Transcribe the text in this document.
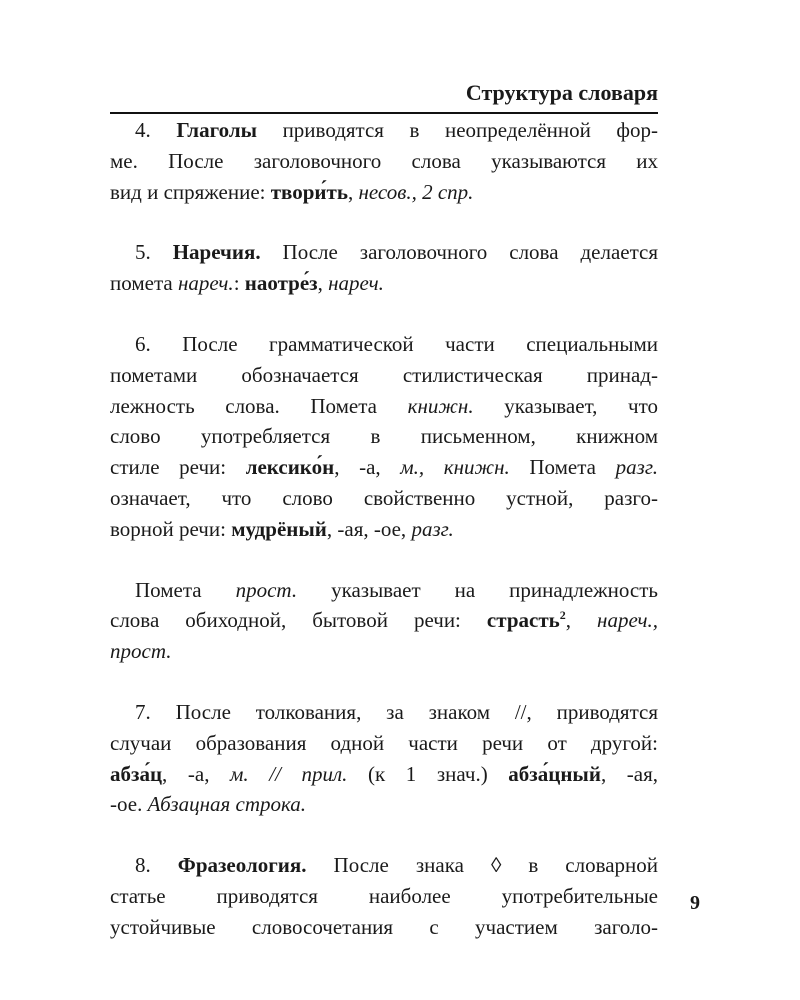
Структура словаря
4. Глаголы приводятся в неопределённой фор-
ме. После заголовочного слова указываются их
вид и спряжение: твори́ть, несов., 2 спр.
5. Наречия. После заголовочного слова делается
помета нареч.: наотре́з, нареч.
6. После грамматической части специальными
пометами обозначается стилистическая принад-
лежность слова. Помета книжн. указывает, что
слово употребляется в письменном, книжном
стиле речи: лексико́н, -а, м., книжн. Помета разг.
означает, что слово свойственно устной, разго-
ворной речи: мудрёный, -ая, -ое, разг.
Помета прост. указывает на принадлежность
слова обиходной, бытовой речи: страсть$^2$, нареч.,
прост.
7. После толкования, за знаком //, приводятся
случаи образования одной части речи от другой:
абза́ц, -а, м. // прил. (к 1 знач.) абза́цный, -ая,
-ое. Абзацная строка.
8. Фразеология. После знака ◊ в словарной
статье приводятся наиболее употребительные
устойчивые словосочетания с участием заголо-
9
